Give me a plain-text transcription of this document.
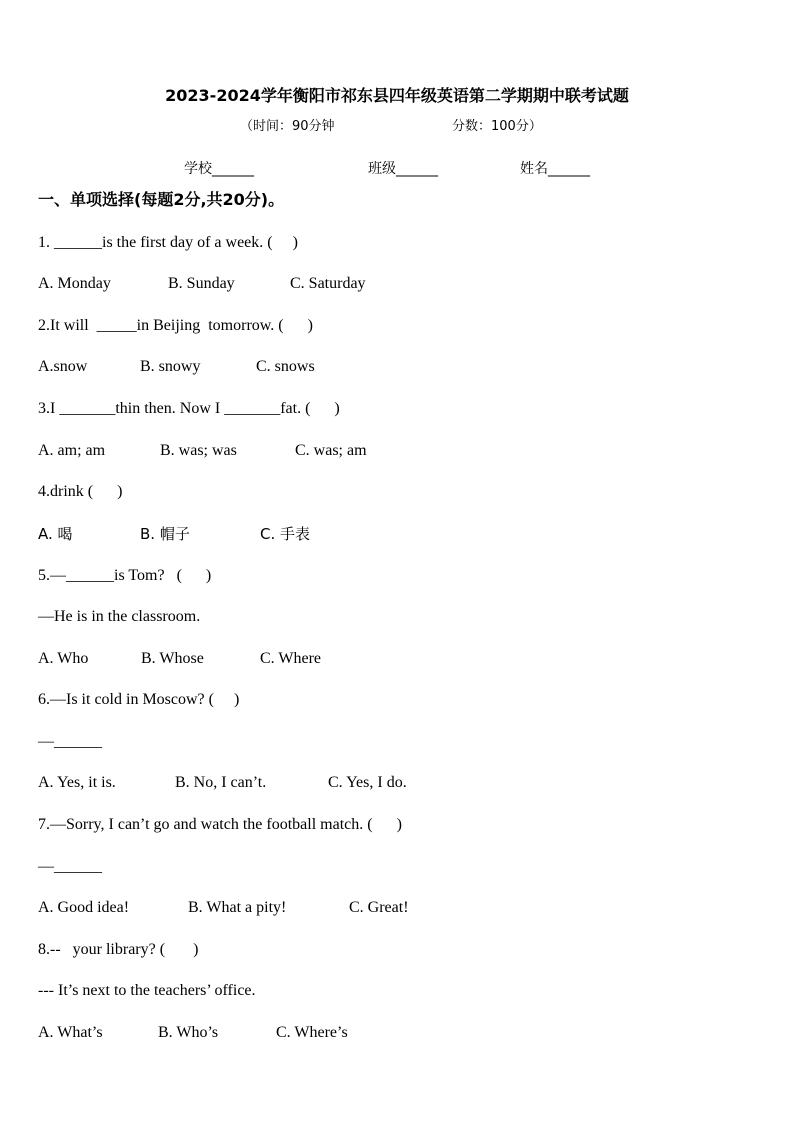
2023-2024学年衡阳市祁东县四年级英语第二学期期中联考试题
（时间：90分钟	分数：100分）
学校______	班级______	姓名______
一、单项选择(每题2分,共20分)。
1. ______is the first day of a week. (     )
A. Monday	B. Sunday	C. Saturday
2.It will  _____in Beijing  tomorrow. (      )
A.snow	B. snowy	C. snows
3.I _______thin then. Now I _______fat. (      )
A. am; am	B. was; was	C. was; am
4.drink (      )
A. 喝	B. 帽子	C. 手表
5.—______is Tom?   (      )
—He is in the classroom.
A. Who	B. Whose	C. Where
6.—Is it cold in Moscow? (     )
—______
A. Yes, it is.	B. No, I can’t.	C. Yes, I do.
7.—Sorry, I can’t go and watch the football match. (      )
—______
A. Good idea!	B. What a pity!	C. Great!
8.--   your library? (       )
--- It’s next to the teachers’ office.
A. What’s	B. Who’s	C. Where’s
